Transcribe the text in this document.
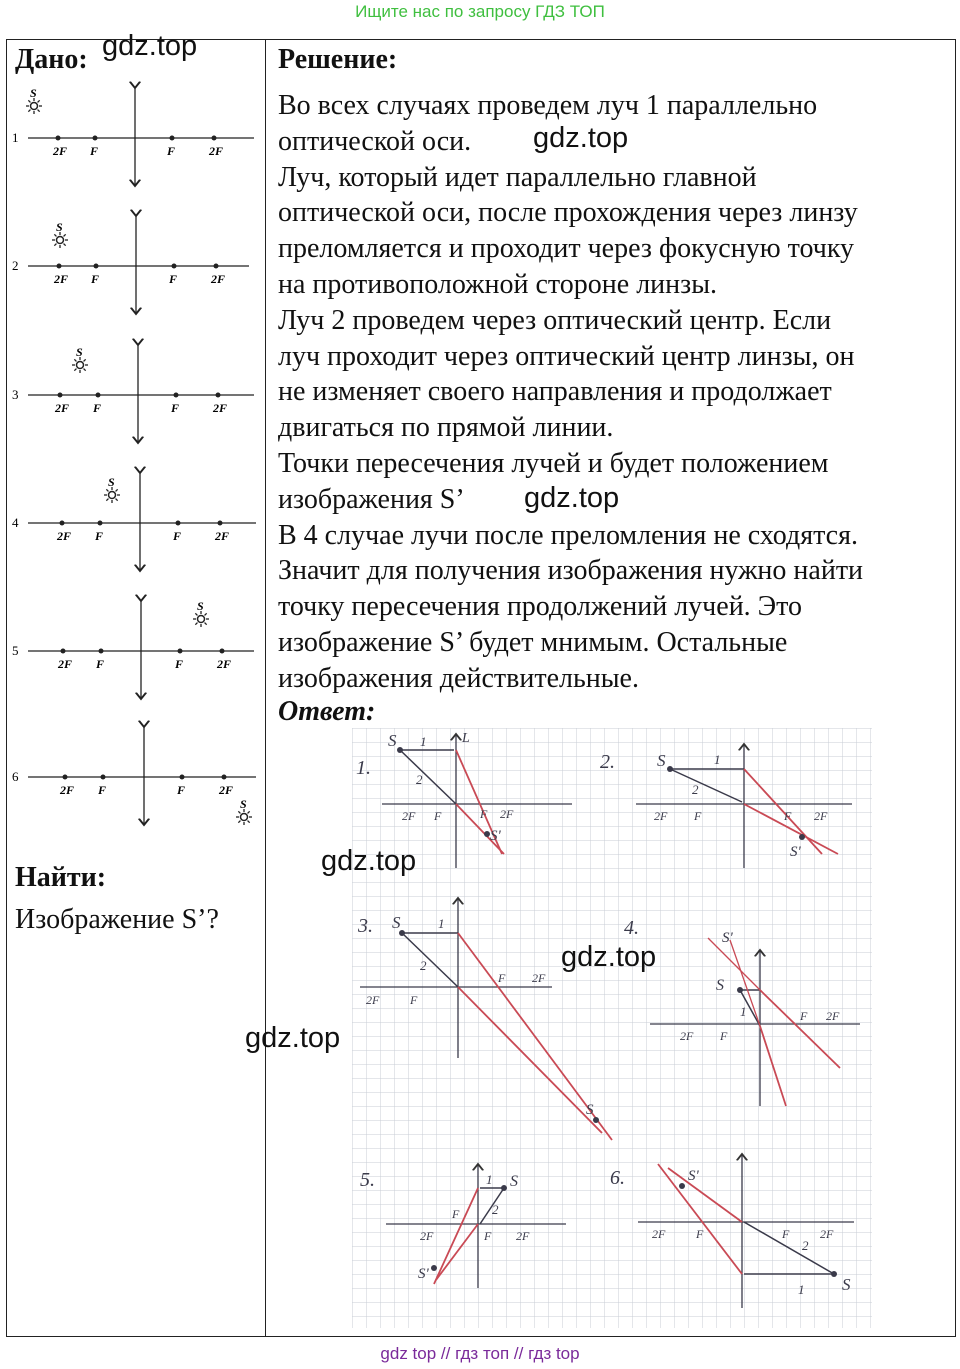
Ищите нас по запросу ГДЗ ТОП
Дано: gdz.top	Решение:
1
2F F	F	2F
S
2
2F F	F	2F
S
3
2F F	F	2F
S
4
2F F	F	2F
S
5
2F F	F	2F
S
6
2F F	F	2F
S

Во всех случаях проведем луч 1 параллельно

оптической оси.

Луч, который идет параллельно главной

оптической оси, после прохождения через линзу

преломляется и проходит через фокусную точку

на противоположной стороне линзы.

Луч 2 проведем через оптический центр. Если

луч проходит через оптический центр линзы, он

не изменяет своего направления и продолжает

двигаться по прямой линии.

Точки пересечения лучей и будет положением

изображения S’

В 4 случае лучи после преломления не сходятся.

Значит для получения изображения нужно найти

точку пересечения продолжений лучей. Это

изображение S’ будет мнимым. Остальные

изображения действительные.

gdz.top
gdz.top
Ответ:
1.
L
S 1
2
S'
2F F	F 2F
2. S	1
2
S'
2F F	F 2F
3. S	1
2
S
2F	F
F 2F
4.
S
1
S'
2F F
F 2F
5.	S
1
2
S'
2F
F
F 2F
6.
S
1
2
S'
2F	F	F	2F
Найти:
Изображение S’?
gdz.top
gdz.top
gdz.top
gdz top // гдз топ // гдз top
